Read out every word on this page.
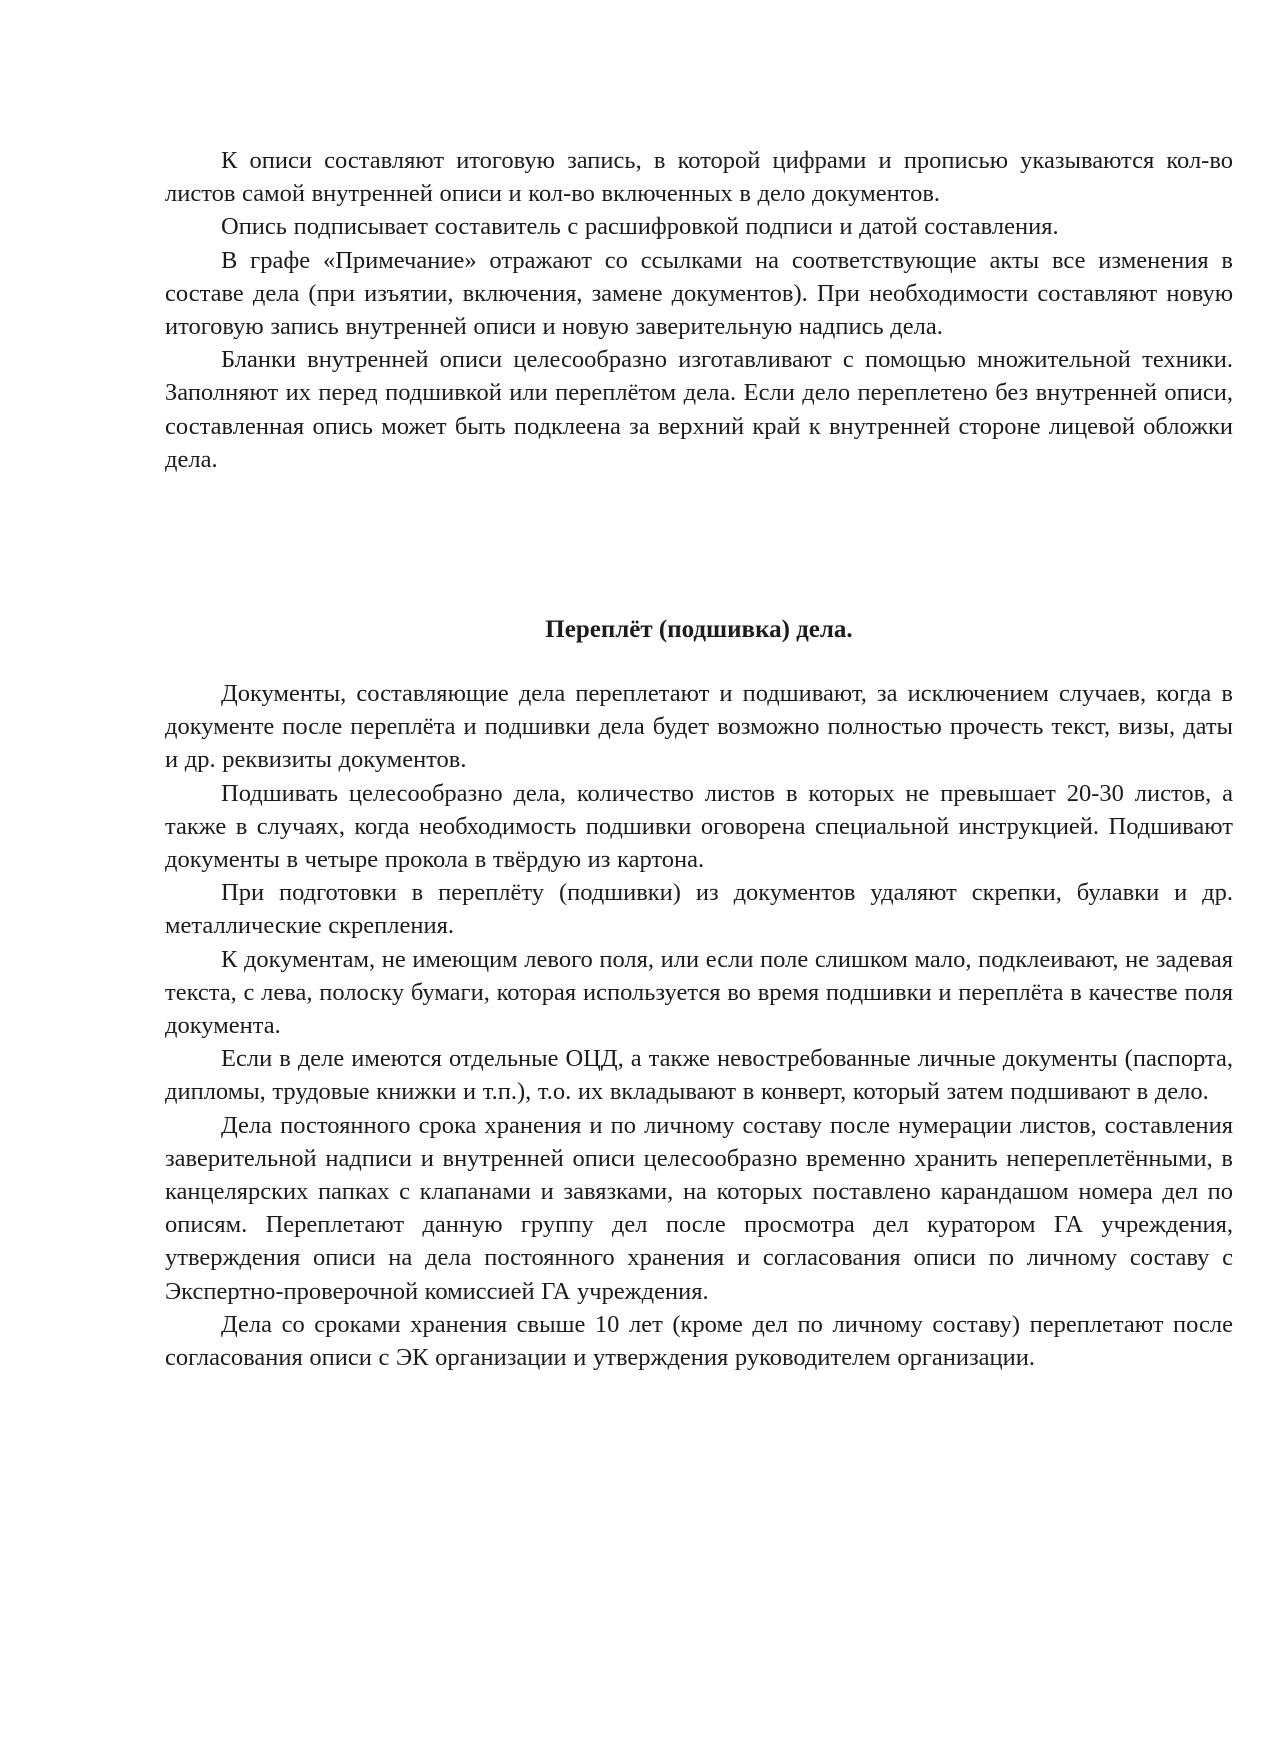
К описи составляют итоговую запись, в которой цифрами и прописью указываются кол-во листов самой внутренней описи и кол-во включенных в дело документов.

Опись подписывает составитель с расшифровкой подписи и датой составления.

В графе «Примечание» отражают со ссылками на соответствующие акты все изменения в составе дела (при изъятии, включения, замене документов). При необходимости составляют новую итоговую запись внутренней описи и новую заверительную надпись дела.

Бланки внутренней описи целесообразно изготавливают с помощью множительной техники. Заполняют их перед подшивкой или переплётом дела. Если дело переплетено без внутренней описи, составленная опись может быть подклеена за верхний край к внутренней стороне лицевой обложки дела.

Переплёт (подшивка) дела.

Документы, составляющие дела переплетают и подшивают, за исключением случаев, когда в документе после переплёта и подшивки дела будет возможно полностью прочесть текст, визы, даты и др. реквизиты документов.

Подшивать целесообразно дела, количество листов в которых не превышает 20-30 листов, а также в случаях, когда необходимость подшивки оговорена специальной инструкцией. Подшивают документы в четыре прокола в твёрдую из картона.

При подготовки в переплёту (подшивки) из документов удаляют скрепки, булавки и др. металлические скрепления.

К документам, не имеющим левого поля, или если поле слишком мало, подклеивают, не задевая текста, с лева, полоску бумаги, которая используется во время подшивки и переплёта в качестве поля документа.

Если в деле имеются отдельные ОЦД, а также невостребованные личные документы (паспорта, дипломы, трудовые книжки и т.п.), т.о. их вкладывают в конверт, который затем подшивают в дело.

Дела постоянного срока хранения и по личному составу после нумерации листов, составления заверительной надписи и внутренней описи целесообразно временно хранить непереплетёнными, в канцелярских папках с клапанами и завязками, на которых поставлено карандашом номера дел по описям. Переплетают данную группу дел после просмотра дел куратором ГА учреждения, утверждения описи на дела постоянного хранения и согласования описи по личному составу с Экспертно-проверочной комиссией ГА учреждения.

Дела со сроками хранения свыше 10 лет (кроме дел по личному составу) переплетают после согласования описи с ЭК организации и утверждения руководителем организации.
